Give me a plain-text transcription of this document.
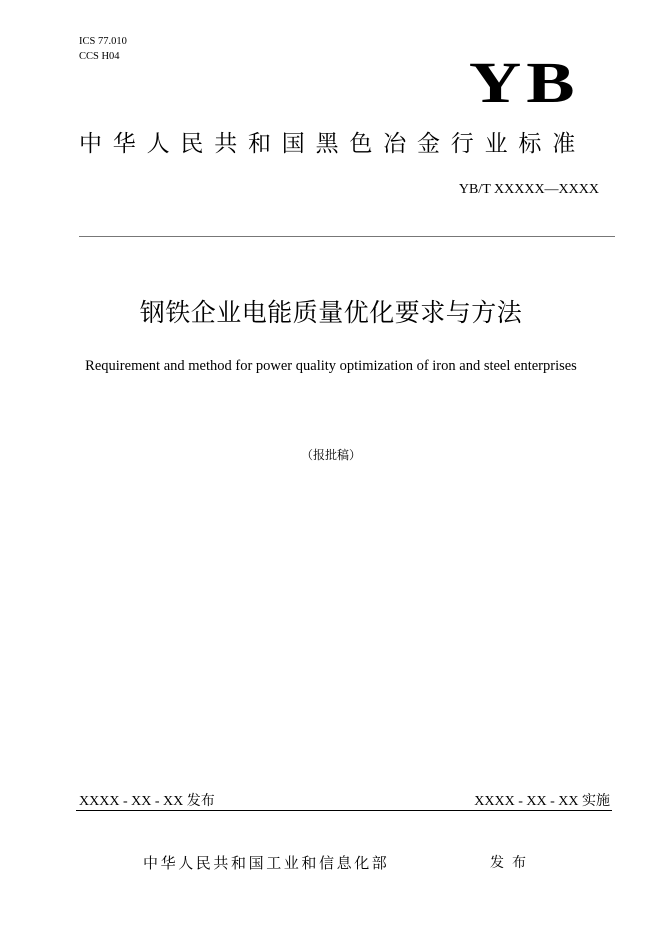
ICS 77.010
CCS H04	YB
中华人民共和国黑色冶金行业标准
YB/T XXXXX—XXXX
钢铁企业电能质量优化要求与方法
Requirement and method for power quality optimization of iron and steel enterprises
（报批稿）
XXXX - XX - XX 发布	XXXX - XX - XX 实施
中华人民共和国工业和信息化部	发布
